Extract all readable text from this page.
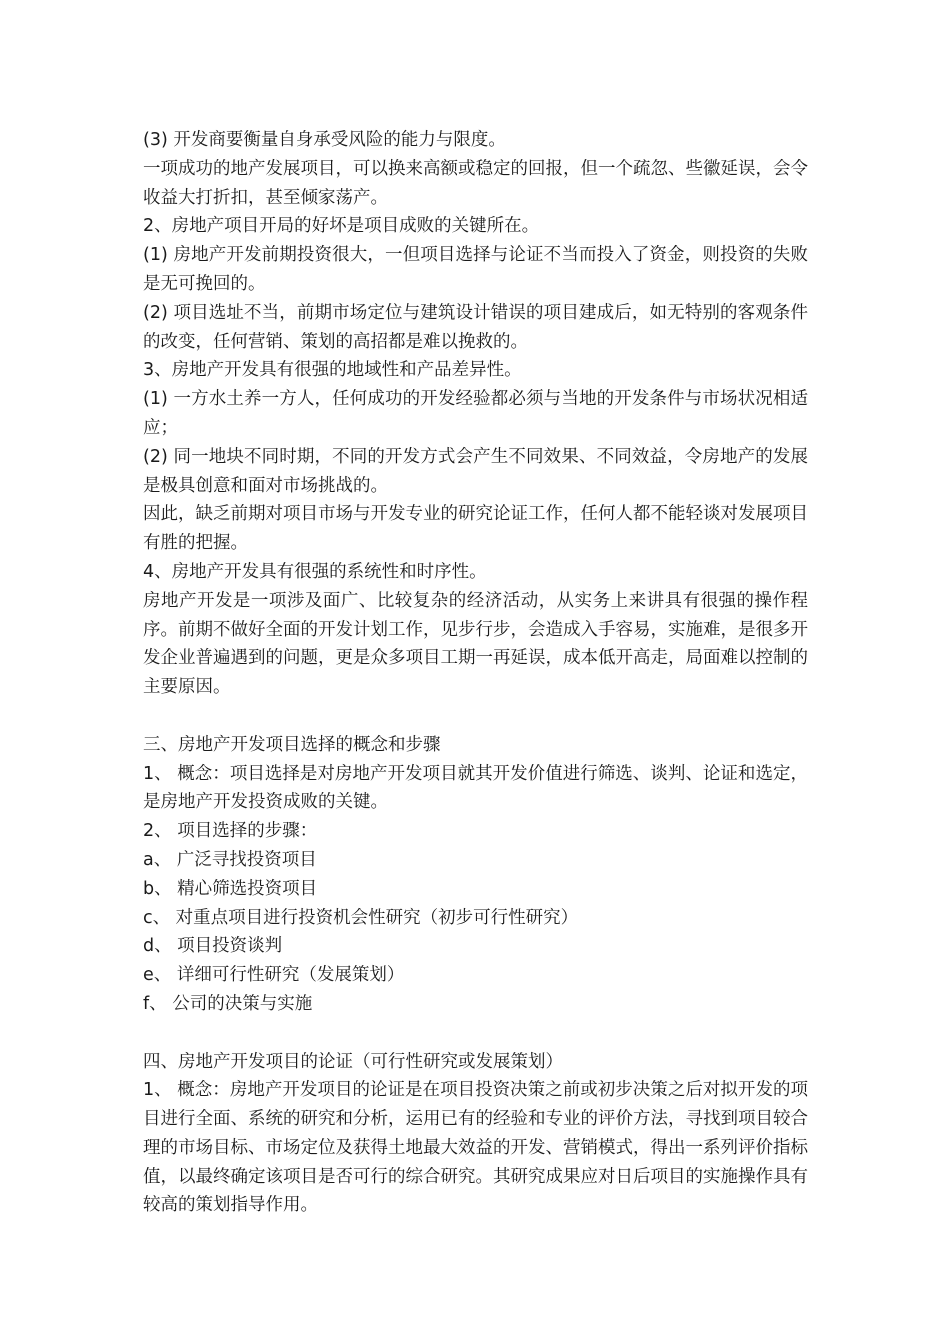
(3) 开发商要衡量自身承受风险的能力与限度。

一项成功的地产发展项目，可以换来高额或稳定的回报，但一个疏忽、些徽延误，会令收益大打折扣，甚至倾家荡产。

2、房地产项目开局的好坏是项目成败的关键所在。

(1) 房地产开发前期投资很大，一但项目选择与论证不当而投入了资金，则投资的失败是无可挽回的。

(2) 项目选址不当，前期市场定位与建筑设计错误的项目建成后，如无特别的客观条件的改变，任何营销、策划的高招都是难以挽救的。

3、房地产开发具有很强的地域性和产品差异性。

(1) 一方水土养一方人，任何成功的开发经验都必须与当地的开发条件与市场状况相适应；

(2) 同一地块不同时期，不同的开发方式会产生不同效果、不同效益，令房地产的发展是极具创意和面对市场挑战的。

因此，缺乏前期对项目市场与开发专业的研究论证工作，任何人都不能轻谈对发展项目有胜的把握。

4、房地产开发具有很强的系统性和时序性。

房地产开发是一项涉及面广、比较复杂的经济活动，从实务上来讲具有很强的操作程序。前期不做好全面的开发计划工作，见步行步，会造成入手容易，实施难，是很多开发企业普遍遇到的问题，更是众多项目工期一再延误，成本低开高走，局面难以控制的主要原因。

三、房地产开发项目选择的概念和步骤

1、 概念：项目选择是对房地产开发项目就其开发价值进行筛选、谈判、论证和选定，是房地产开发投资成败的关键。

2、 项目选择的步骤：

a、 广泛寻找投资项目

b、 精心筛选投资项目

c、 对重点项目进行投资机会性研究（初步可行性研究）

d、 项目投资谈判

e、 详细可行性研究（发展策划）

f、 公司的决策与实施

四、房地产开发项目的论证（可行性研究或发展策划）

1、 概念：房地产开发项目的论证是在项目投资决策之前或初步决策之后对拟开发的项目进行全面、系统的研究和分析，运用已有的经验和专业的评价方法，寻找到项目较合理的市场目标、市场定位及获得土地最大效益的开发、营销模式，得出一系列评价指标值，以最终确定该项目是否可行的综合研究。其研究成果应对日后项目的实施操作具有较高的策划指导作用。
